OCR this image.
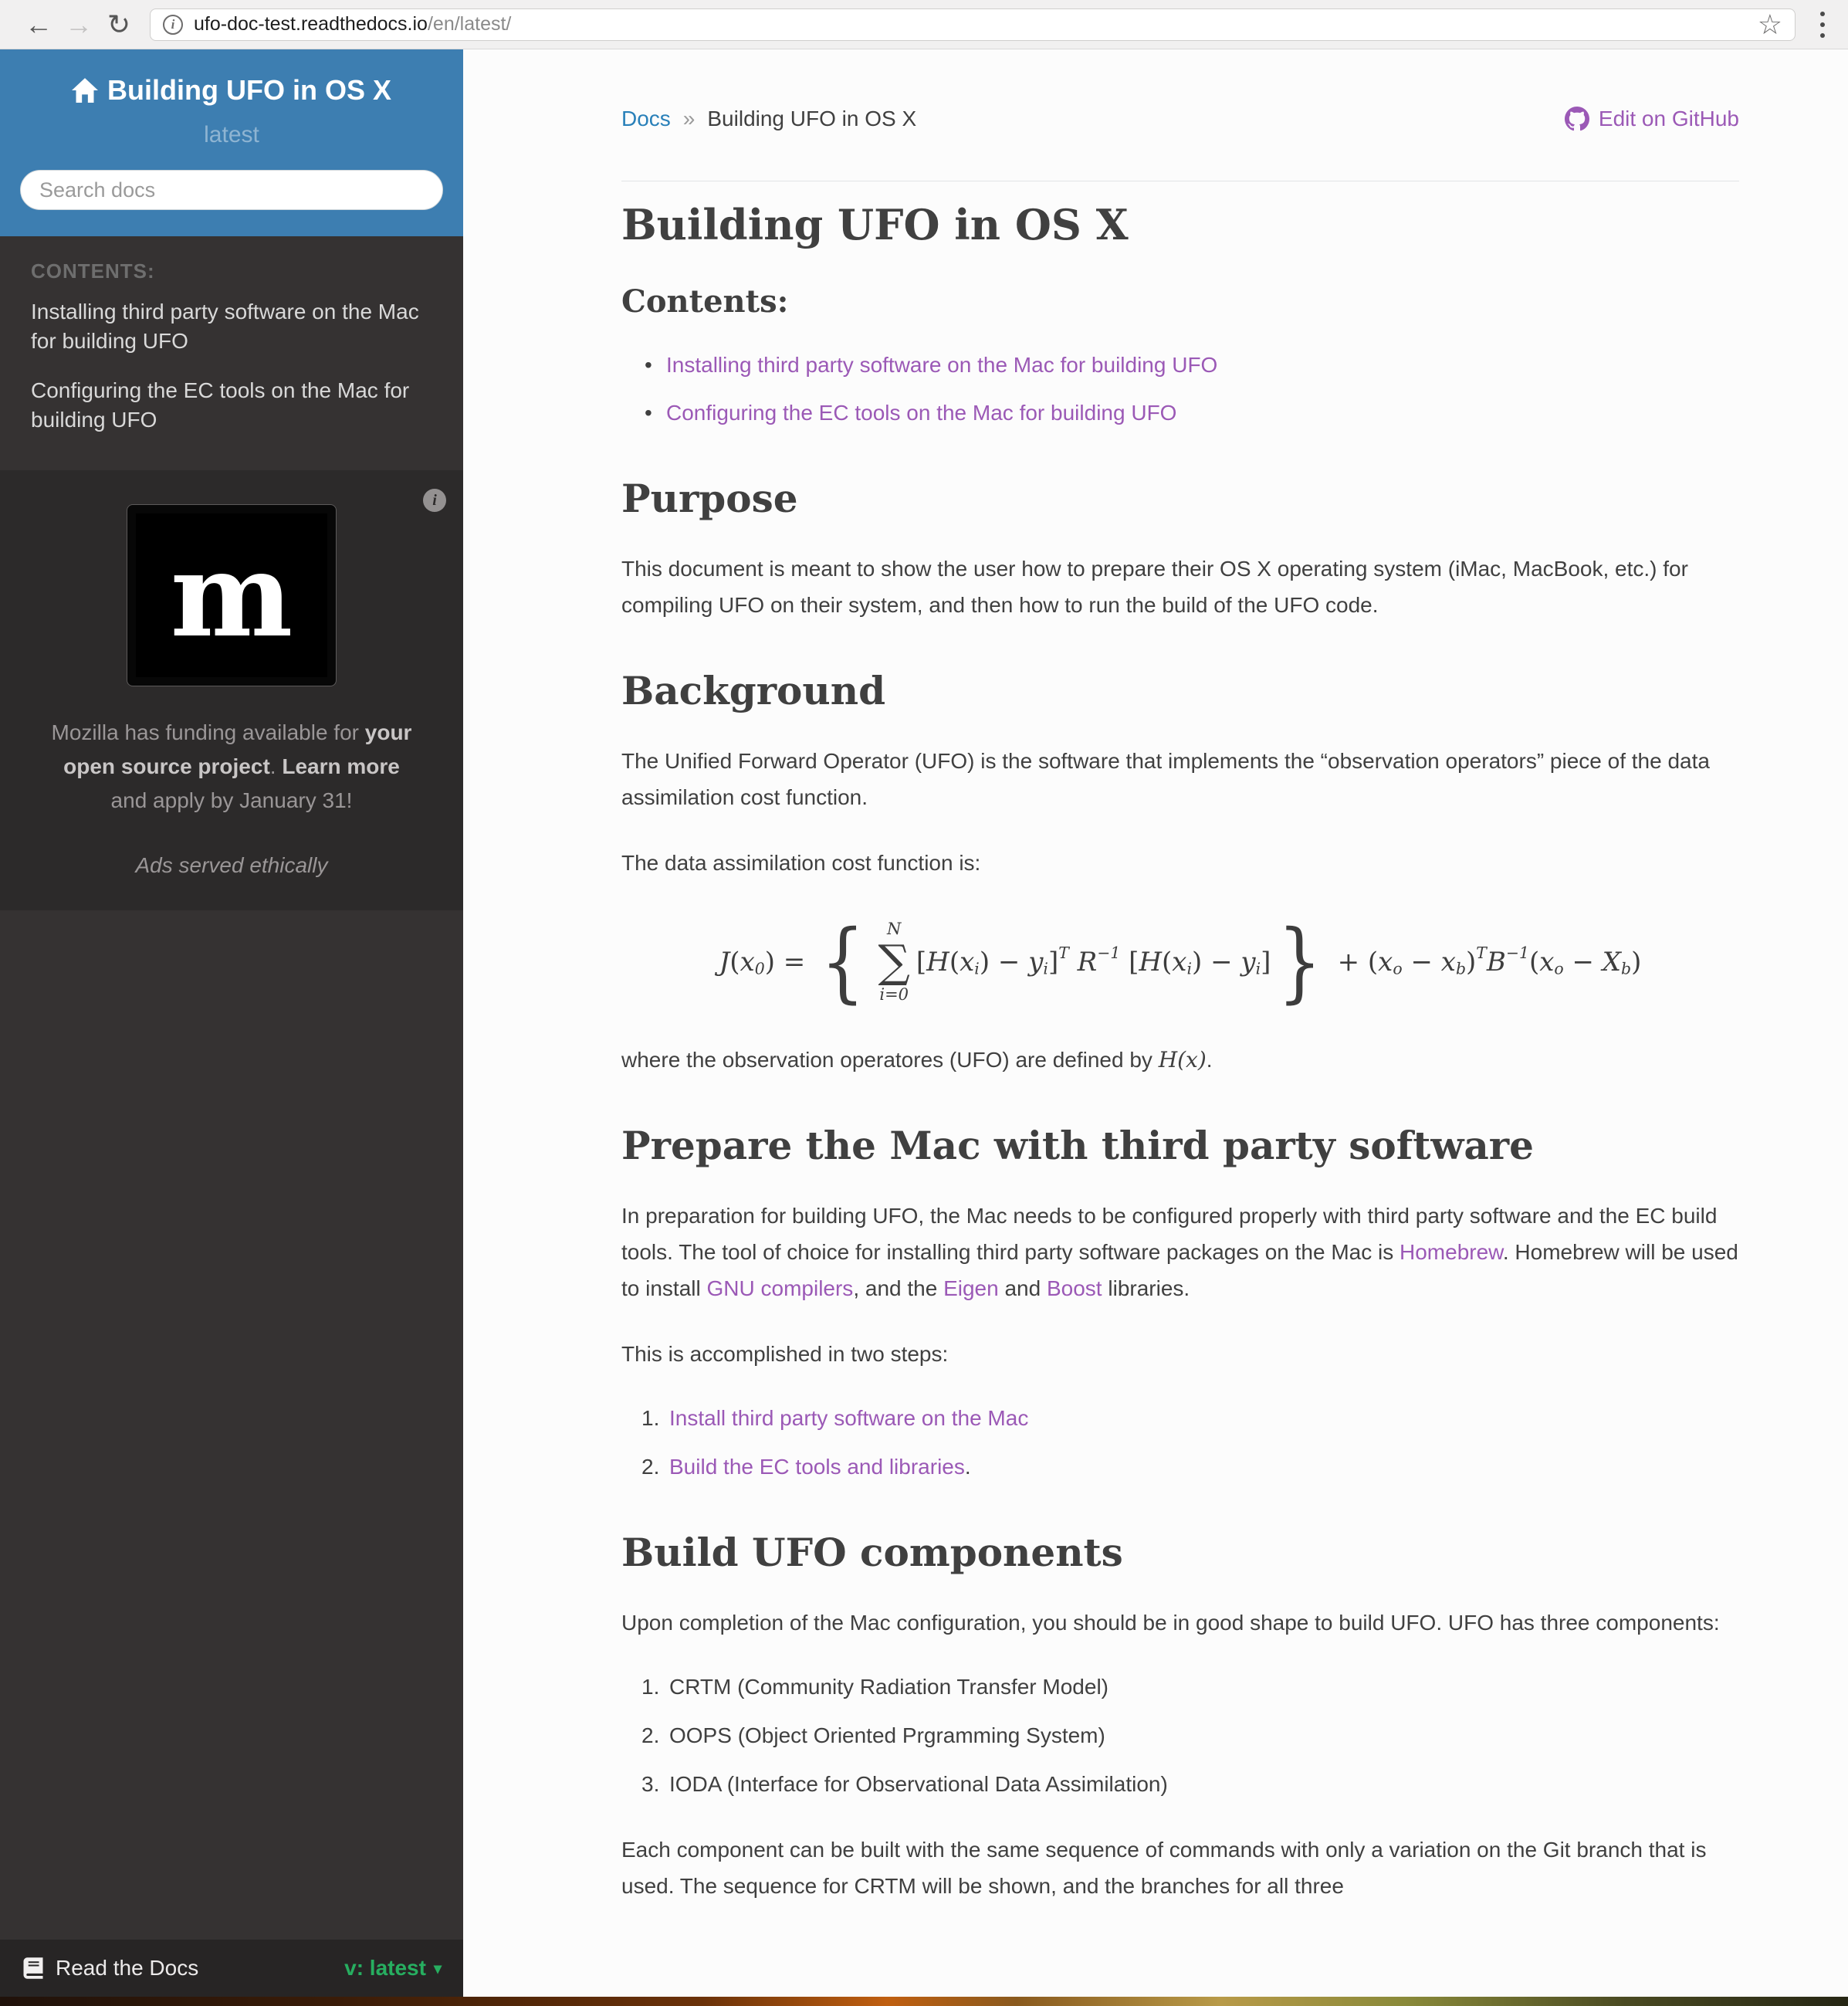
← → ↻	i ufo-doc-test.readthedocs.io/en/latest/	☆
Building UFO in OS X
latest
Search docs
CONTENTS:
Installing third party software on the Mac for building UFO
Configuring the EC tools on the Mac for building UFO
i
m
Mozilla has funding available for your open source project. Learn more and apply by January 31!
Ads served ethically
Read the Docs	v: latest ▾
Docs » Building UFO in OS X	Edit on GitHub
Building UFO in OS X
Contents:
• Installing third party software on the Mac for building UFO
• Configuring the EC tools on the Mac for building UFO
Purpose

This document is meant to show the user how to prepare their OS X operating system (iMac, MacBook, etc.) for compiling UFO on their system, and then how to run the build of the UFO code.

Background

The Unified Forward Operator (UFO) is the software that implements the “observation operators” piece of the data assimilation cost function.

The data assimilation cost function is:

J ( x 0 ) = { N
∑
i=0
[ H ( x i ) − y i ] T
R −1 [ H ( x i ) − y i ] } + ( x o − x b ) T B −1 ( x o − X b )

where the observation operatores (UFO) are defined by H(x).

Prepare the Mac with third party software

In preparation for building UFO, the Mac needs to be configured properly with third party software and the EC build tools. The tool of choice for installing third party software packages on the Mac is Homebrew. Homebrew will be used to install GNU compilers, and the Eigen and Boost libraries.

This is accomplished in two steps:

Install third party software on the Mac
Build the EC tools and libraries.
Build UFO components

Upon completion of the Mac configuration, you should be in good shape to build UFO. UFO has three components:

CRTM (Community Radiation Transfer Model)
OOPS (Object Oriented Prgramming System)
IODA (Interface for Observational Data Assimilation)

Each component can be built with the same sequence of commands with only a variation on the Git branch that is used. The sequence for CRTM will be shown, and the branches for all three
